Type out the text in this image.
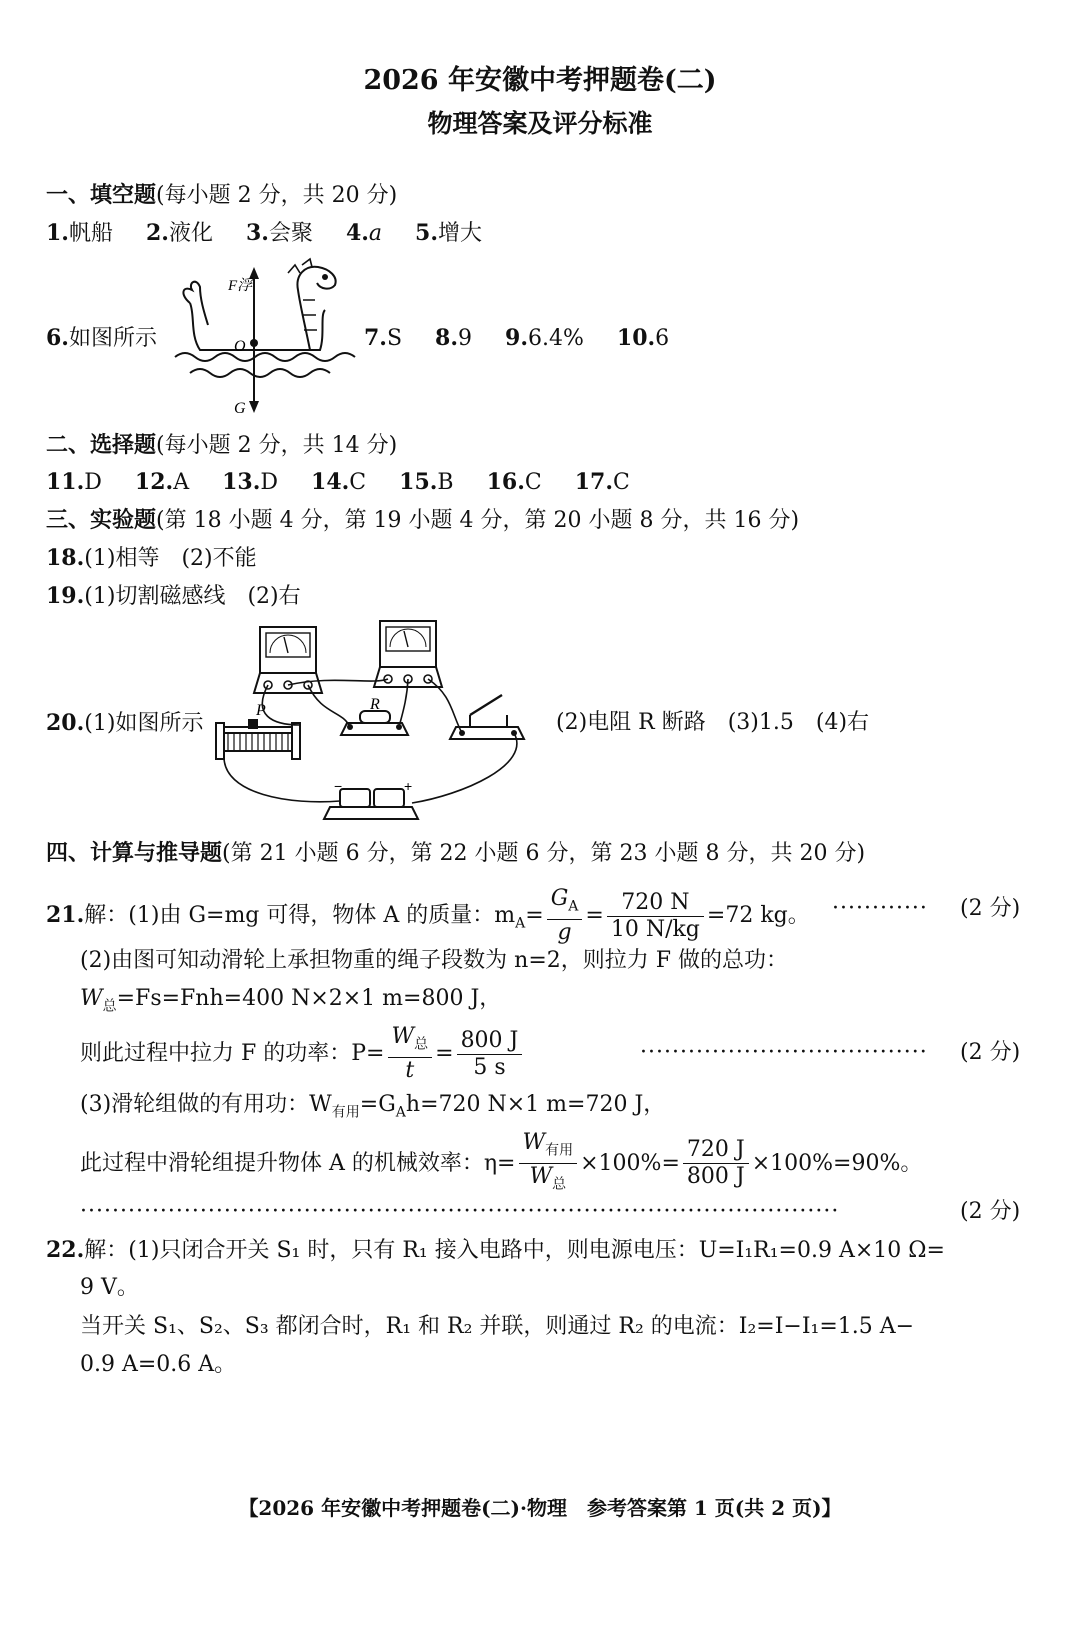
2026 年安徽中考押题卷(二)
物理答案及评分标准
一、填空题(每小题 2 分，共 20 分)
1.帆船 2.液化 3.会聚 4.a 5.增大
6.如图所示
F浮
O
G
7.S 8.9 9.6.4% 10.6
二、选择题(每小题 2 分，共 14 分)
11.D 12.A 13.D 14.C 15.B 16.C 17.C
三、实验题(第 18 小题 4 分，第 19 小题 4 分，第 20 小题 8 分，共 16 分)
18.(1)相等　(2)不能
19.(1)切割磁感线　(2)右
20.(1)如图所示
R
P
−	+
(2)电阻 R 断路　(3)1.5　(4)右
四、计算与推导题(第 21 小题 6 分，第 22 小题 6 分，第 23 小题 8 分，共 20 分)
21.解：(1)由 G=mg 可得，物体 A 的质量：$m_A= \frac{G_A}{g} = \frac{720 N}{10 N/kg} =72$ kg。 ············ (2 分)
(2)由图可知动滑轮上承担物重的绳子段数为 n=2，则拉力 F 做的总功：
$W_总=Fs=Fnh=400$ N×2×1 m=800 J，
则此过程中拉力 F 的功率：$P= \frac{W_总}{t} = \frac{800 J}{5 s}$	···································· (2 分)
(3)滑轮组做的有用功：$W_{有用}=G_Ah=720$ N×1 m=720 J，
此过程中滑轮组提升物体 A 的机械效率：$\eta= \frac{W_{有用}}{W_总} \times 100\%= \frac{720 J}{800 J} \times 100\%=90\%$。
·······························································································	(2 分)
22.解：(1)只闭合开关 S₁ 时，只有 R₁ 接入电路中，则电源电压：U=I₁R₁=0.9 A×10 Ω=
9 V。
当开关 S₁、S₂、S₃ 都闭合时，R₁ 和 R₂ 并联，则通过 R₂ 的电流：I₂=I−I₁=1.5 A−
0.9 A=0.6 A。
【2026 年安徽中考押题卷(二)·物理　参考答案第 1 页(共 2 页)】
